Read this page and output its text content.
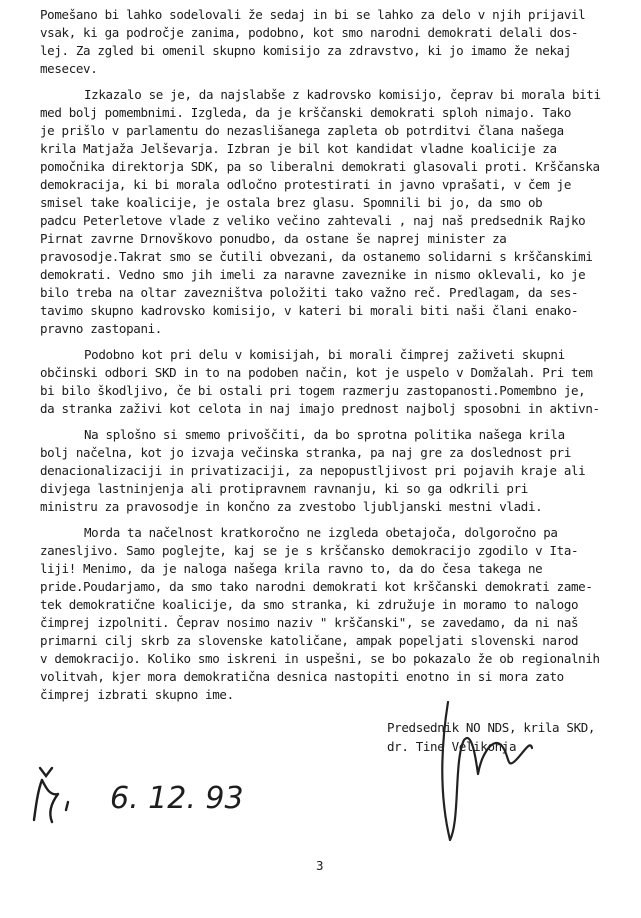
Pomešano bi lahko sodelovali že sedaj in bi se lahko za delo v njih prijavil
vsak, ki ga področje zanima, podobno, kot smo narodni demokrati delali dos-
lej. Za zgled bi omenil skupno komisijo za zdravstvo, ki jo imamo že nekaj
mesecev.
Izkazalo se je, da najslabše z kadrovsko komisijo, čeprav bi morala biti
med bolj pomembnimi. Izgleda, da je krščanski demokrati sploh nimajo. Tako
je prišlo v parlamentu do nezaslišanega zapleta ob potrditvi člana našega
krila Matjaža Jelševarja. Izbran je bil kot kandidat vladne koalicije za
pomočnika direktorja SDK, pa so liberalni demokrati glasovali proti. Krščanska
demokracija, ki bi morala odločno protestirati in javno vprašati, v čem je
smisel take koalicije, je ostala brez glasu. Spomnili bi jo, da smo ob
padcu Peterletove vlade z veliko večino zahtevali , naj naš predsednik Rajko
Pirnat zavrne Drnovškovo ponudbo, da ostane še naprej minister za
pravosodje.Takrat smo se čutili obvezani, da ostanemo solidarni s krščanskimi
demokrati. Vedno smo jih imeli za naravne zaveznike in nismo oklevali, ko je
bilo treba na oltar zavezništva položiti tako važno reč. Predlagam, da ses-
tavimo skupno kadrovsko komisijo, v kateri bi morali biti naši člani enako-
pravno zastopani.
Podobno kot pri delu v komisijah, bi morali čimprej zaživeti skupni
občinski odbori SKD in to na podoben način, kot je uspelo v Domžalah. Pri tem
bi bilo škodljivo, če bi ostali pri togem razmerju zastopanosti.Pomembno je,
da stranka zaživi kot celota in naj imajo prednost najbolj sposobni in aktivn-
Na splošno si smemo privoščiti, da bo sprotna politika našega krila
bolj načelna, kot jo izvaja večinska stranka, pa naj gre za doslednost pri
denacionalizaciji in privatizaciji, za nepopustljivost pri pojavih kraje ali
divjega lastninjenja ali protipravnem ravnanju, ki so ga odkrili pri
ministru za pravosodje in končno za zvestobo ljubljanski mestni vladi.
Morda ta načelnost kratkoročno ne izgleda obetajoča, dolgoročno pa
zanesljivo. Samo poglejte, kaj se je s krščansko demokracijo zgodilo v Ita-
liji! Menimo, da je naloga našega krila ravno to, da do česa takega ne
pride.Poudarjamo, da smo tako narodni demokrati kot krščanski demokrati zame-
tek demokratične koalicije, da smo stranka, ki združuje in moramo to nalogo
čimprej izpolniti. Čeprav nosimo naziv " krščanski", se zavedamo, da ni naš
primarni cilj skrb za slovenske katoličane, ampak popeljati slovenski narod
v demokracijo. Koliko smo iskreni in uspešni, se bo pokazalo že ob regionalnih
volitvah, kjer mora demokratična desnica nastopiti enotno in si mora zato
čimprej izbrati skupno ime.
Predsednik NO NDS, krila SKD,
dr. Tine Velikonja
6. 12. 93
3
